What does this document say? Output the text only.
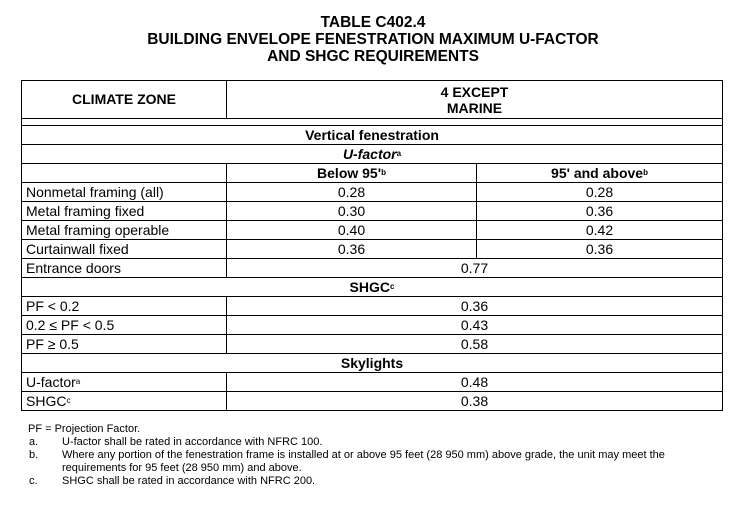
TABLE C402.4
BUILDING ENVELOPE FENESTRATION MAXIMUM U-FACTOR
AND SHGC REQUIREMENTS
CLIMATE ZONE	4 EXCEPT
MARINE	

Vertical fenestration		
U-factor$^a$
	Below $95'^b$	95' and above$^b$
Nonmetal framing (all)	0.28	0.28
Metal framing fixed	0.30	0.36
Metal framing operable	0.40	0.42
Curtainwall fixed	0.36	0.36
Entrance doors	0.77	
SHGC$^c$
PF < 0.2	0.36	
0.2 ≤ PF < 0.5	0.43	
PF ≥ 0.5	0.58	
Skylights		
U-factor$^a$	0.48	
SHGC$^c$	0.38	
PF = Projection Factor.
a. U-factor shall be rated in accordance with NFRC 100.
b. Where any portion of the fenestration frame is installed at or above 95 feet (28 950 mm) above grade, the unit may meet the requirements for 95 feet (28 950 mm) and above.
c. SHGC shall be rated in accordance with NFRC 200.
